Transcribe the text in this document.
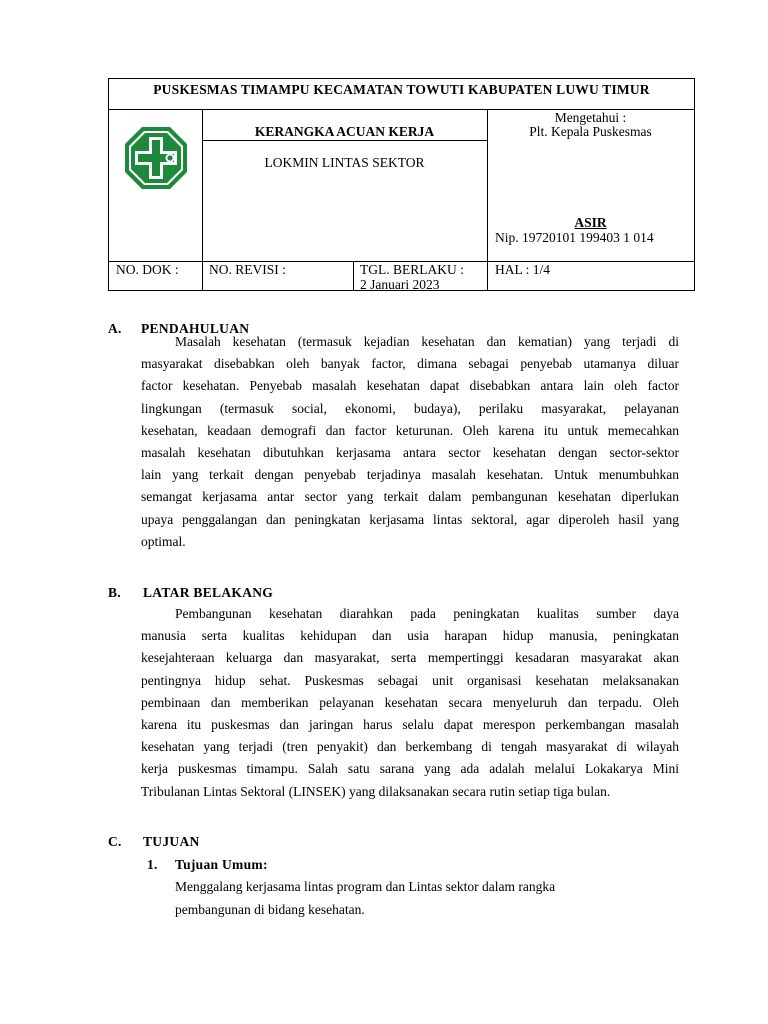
PUSKESMAS TIMAMPU KECAMATAN TOWUTI KABUPATEN LUWU TIMUR
KERANGKA ACUAN KERJA
LOKMIN LINTAS SEKTOR
Mengetahui :
Plt. Kepala Puskesmas
ASIR
Nip. 19720101 199403 1 014
NO. DOK : NO. REVISI :	TGL. BERLAKU :
2 Januari 2023
HAL : 1/4
A. PENDAHULUAN
Masalah kesehatan (termasuk kejadian kesehatan dan kematian) yang terjadi di
masyarakat disebabkan oleh banyak factor, dimana sebagai penyebab utamanya diluar
factor kesehatan. Penyebab masalah kesehatan dapat disebabkan antara lain oleh factor
lingkungan (termasuk social, ekonomi, budaya), perilaku masyarakat, pelayanan
kesehatan, keadaan demografi dan factor keturunan. Oleh karena itu untuk memecahkan
masalah kesehatan dibutuhkan kerjasama antara sector kesehatan dengan sector-sektor
lain yang terkait dengan penyebab terjadinya masalah kesehatan. Untuk menumbuhkan
semangat kerjasama antar sector yang terkait dalam pembangunan kesehatan diperlukan
upaya penggalangan dan peningkatan kerjasama lintas sektoral, agar diperoleh hasil yang
optimal.
B. LATAR BELAKANG
Pembangunan kesehatan diarahkan pada peningkatan kualitas sumber daya
manusia serta kualitas kehidupan dan usia harapan hidup manusia, peningkatan
kesejahteraan keluarga dan masyarakat, serta mempertinggi kesadaran masyarakat akan
pentingnya hidup sehat. Puskesmas sebagai unit organisasi kesehatan melaksanakan
pembinaan dan memberikan pelayanan kesehatan secara menyeluruh dan terpadu. Oleh
karena itu puskesmas dan jaringan harus selalu dapat merespon perkembangan masalah
kesehatan yang terjadi (tren penyakit) dan berkembang di tengah masyarakat di wilayah
kerja puskesmas timampu. Salah satu sarana yang ada adalah melalui Lokakarya Mini
Tribulanan Lintas Sektoral (LINSEK) yang dilaksanakan secara rutin setiap tiga bulan.
C. TUJUAN
1. Tujuan Umum:
Menggalang kerjasama lintas program dan Lintas sektor dalam rangka
pembangunan di bidang kesehatan.
